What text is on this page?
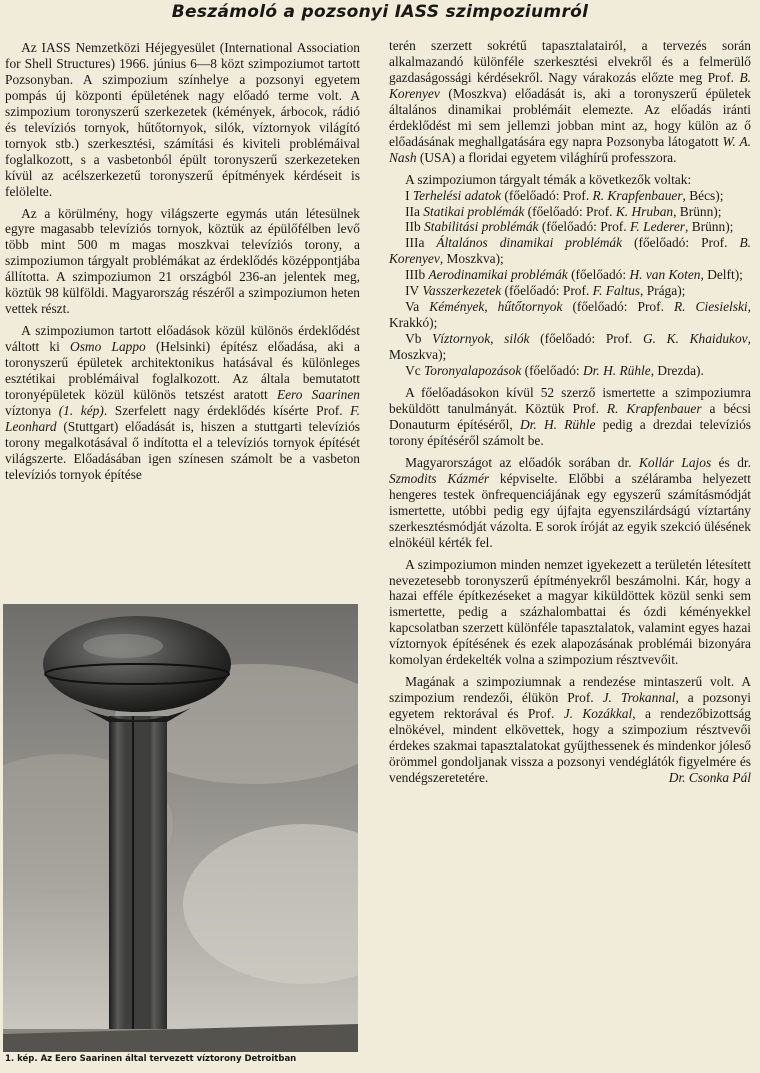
Beszámoló a pozsonyi IASS szimpoziumról

Az IASS Nemzetközi Héjegyesület (International Association for Shell Structures) 1966. június 6—8 közt szimpoziumot tartott Pozsonyban. A szimpozium színhelye a pozsonyi egyetem pompás új központi épületének nagy előadó terme volt. A szimpozium toronyszerű szerkezetek (kémények, árbocok, rádió és televíziós tornyok, hűtőtornyok, silók, víztornyok világító tornyok stb.) szerkesztési, számítási és kiviteli problémáival foglalkozott, s a vasbetonból épült toronyszerű szerkezeteken kívül az acélszerkezetű toronyszerű építmények kérdéseit is felölelte.

Az a körülmény, hogy világszerte egymás után létesülnek egyre magasabb televíziós tornyok, köztük az épülőfélben levő több mint 500 m magas moszkvai televíziós torony, a szimpoziumon tárgyalt problémákat az érdeklődés középpontjába állította. A szimpoziumon 21 országból 236-an jelentek meg, köztük 98 külföldi. Magyarország részéről a szimpoziumon heten vettek részt.

A szimpoziumon tartott előadások közül különös érdeklődést váltott ki Osmo Lappo (Helsinki) építész előadása, aki a toronyszerű épületek architektonikus hatásával és különleges esztétikai problémáival foglalkozott. Az általa bemutatott toronyépületek közül különös tetszést aratott Eero Saarinen víztonya (1. kép). Szerfelett nagy érdeklődés kísérte Prof. F. Leonhard (Stuttgart) előadását is, hiszen a stuttgarti televíziós torony megalkotásával ő indította el a televíziós tornyok építését világszerte. Előadásában igen színesen számolt be a vasbeton televíziós tornyok építése

terén szerzett sokrétű tapasztalatairól, a tervezés során alkalmazandó különféle szerkesztési elvekről és a felmerülő gazdaságossági kérdésekről. Nagy várakozás előzte meg Prof. B. Korenyev (Moszkva) előadását is, aki a toronyszerű épületek általános dinamikai problémáit elemezte. Az előadás iránti érdeklődést mi sem jellemzi jobban mint az, hogy külön az ő előadásának meghallgatására egy napra Pozsonyba látogatott W. A. Nash (USA) a floridai egyetem világhírű professzora.

A szimpoziumon tárgyalt témák a következők voltak:

I Terhelési adatok (főelőadó: Prof. R. Krapfenbauer, Bécs);

IIa Statikai problémák (főelőadó: Prof. K. Hruban, Brünn);

IIb Stabilitási problémák (főelőadó: Prof. F. Lederer, Brünn);

IIIa Általános dinamikai problémák (főelőadó: Prof. B. Korenyev, Moszkva);

IIIb Aerodinamikai problémák (főelőadó: H. van Koten, Delft);

IV Vasszerkezetek (főelőadó: Prof. F. Faltus, Prága);

Va Kémények, hűtőtornyok (főelőadó: Prof. R. Ciesielski, Krakkó);

Vb Víztornyok, silók (főelőadó: Prof. G. K. Khaidukov, Moszkva);

Vc Toronyalapozások (főelőadó: Dr. H. Rühle, Drezda).

A főelőadásokon kívül 52 szerző ismertette a szimpoziumra beküldött tanulmányát. Köztük Prof. R. Krapfenbauer a bécsi Donauturm építéséről, Dr. H. Rühle pedig a drezdai televíziós torony építéséről számolt be.

Magyarországot az előadók sorában dr. Kollár Lajos és dr. Szmodits Kázmér képviselte. Előbbi a széláramba helyezett hengeres testek önfrequenciájának egy egyszerű számításmódját ismertette, utóbbi pedig egy újfajta egyenszilárdságú víztartány szerkesztésmódját vázolta. E sorok íróját az egyik szekció ülésének elnökéül kérték fel.

A szimpoziumon minden nemzet igyekezett a területén létesített nevezetesebb toronyszerű építményekről beszámolni. Kár, hogy a hazai efféle építkezéseket a magyar kiküldöttek közül senki sem ismertette, pedig a százhalombattai és ózdi kéményekkel kapcsolatban szerzett különféle tapasztalatok, valamint egyes hazai víztornyok építésének és ezek alapozásának problémái bizonyára komolyan érdekelték volna a szimpozium résztvevőit.

Magának a szimpoziumnak a rendezése mintaszerű volt. A szimpozium rendezői, élükön Prof. J. Trokannal, a pozsonyi egyetem rektorával és Prof. J. Kozákkal, a rendezőbizottság elnökével, mindent elkövettek, hogy a szimpozium résztvevői érdekes szakmai tapasztalatokat gyűjthessenek és mindenkor jóleső örömmel gondoljanak vissza a pozsonyi vendéglátók figyelmére és vendégszeretetére.	Dr. Csonka Pál

1. kép. Az Eero Saarinen által tervezett víztorony Detroitban
